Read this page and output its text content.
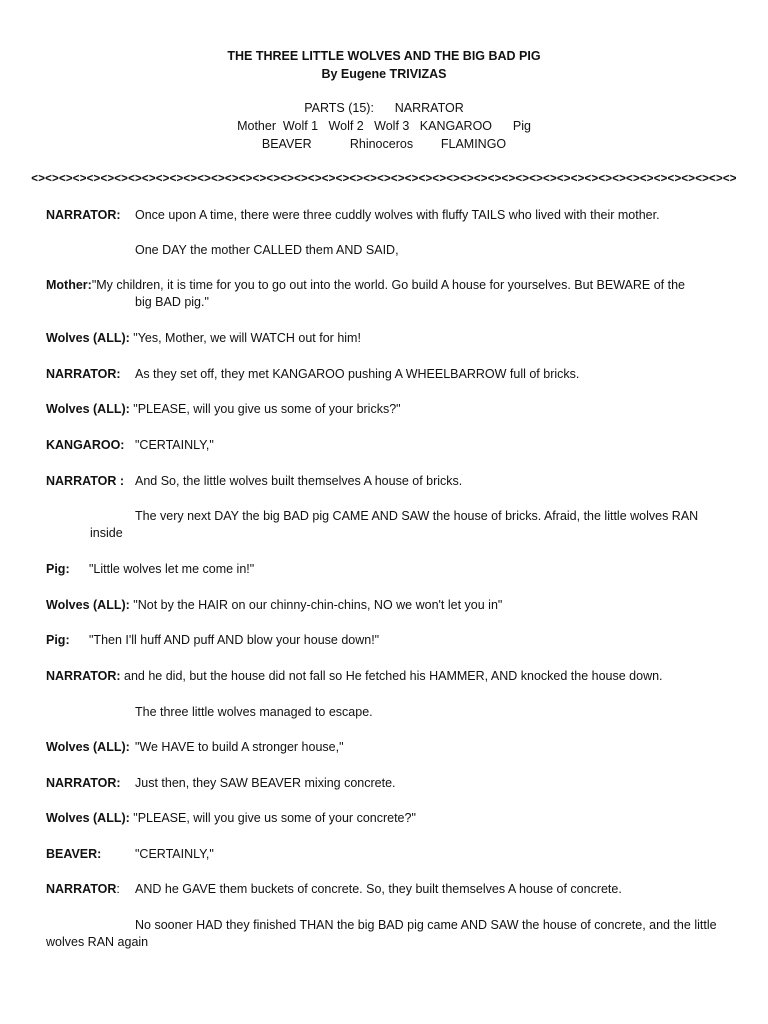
THE THREE LITTLE WOLVES AND THE BIG BAD PIG
By Eugene TRIVIZAS
PARTS (15):      NARRATOR
Mother  Wolf 1   Wolf 2   Wolf 3   KANGAROO      Pig
BEAVER           Rhinoceros        FLAMINGO
<><><><><><><><><><><><><><><><><><><><><><><><><><><><><><><><><><><><><><><><><><><><><><><><><><><>
NARRATOR: Once upon A time, there were three cuddly wolves with fluffy TAILS who lived with their mother.
One DAY the mother CALLED them AND SAID,
Mother:"My children, it is time for you to go out into the world. Go build A house for yourselves. But BEWARE of the
big BAD pig."
Wolves (ALL): "Yes, Mother, we will WATCH out for him!
NARRATOR: As they set off, they met KANGAROO pushing A WHEELBARROW full of bricks.
Wolves (ALL): "PLEASE, will you give us some of your bricks?"
KANGAROO: "CERTAINLY,"
NARRATOR : And So, the little wolves built themselves A house of bricks.
The very next DAY the big BAD pig CAME AND SAW the house of bricks. Afraid, the little wolves RAN
inside
Pig: "Little wolves let me come in!"
Wolves (ALL): "Not by the HAIR on our chinny-chin-chins, NO we won't let you in"
Pig: "Then I'll huff AND puff AND blow your house down!"
NARRATOR: and he did, but the house did not fall so He fetched his HAMMER, AND knocked the house down.
The three little wolves managed to escape.
Wolves (ALL): "We HAVE to build A stronger house,"
NARRATOR: Just then, they SAW BEAVER mixing concrete.
Wolves (ALL): "PLEASE, will you give us some of your concrete?"
BEAVER:	"CERTAINLY,"
NARRATOR: AND he GAVE them buckets of concrete. So, they built themselves A house of concrete.
No sooner HAD they finished THAN the big BAD pig came AND SAW the house of concrete, and the little
wolves RAN again
